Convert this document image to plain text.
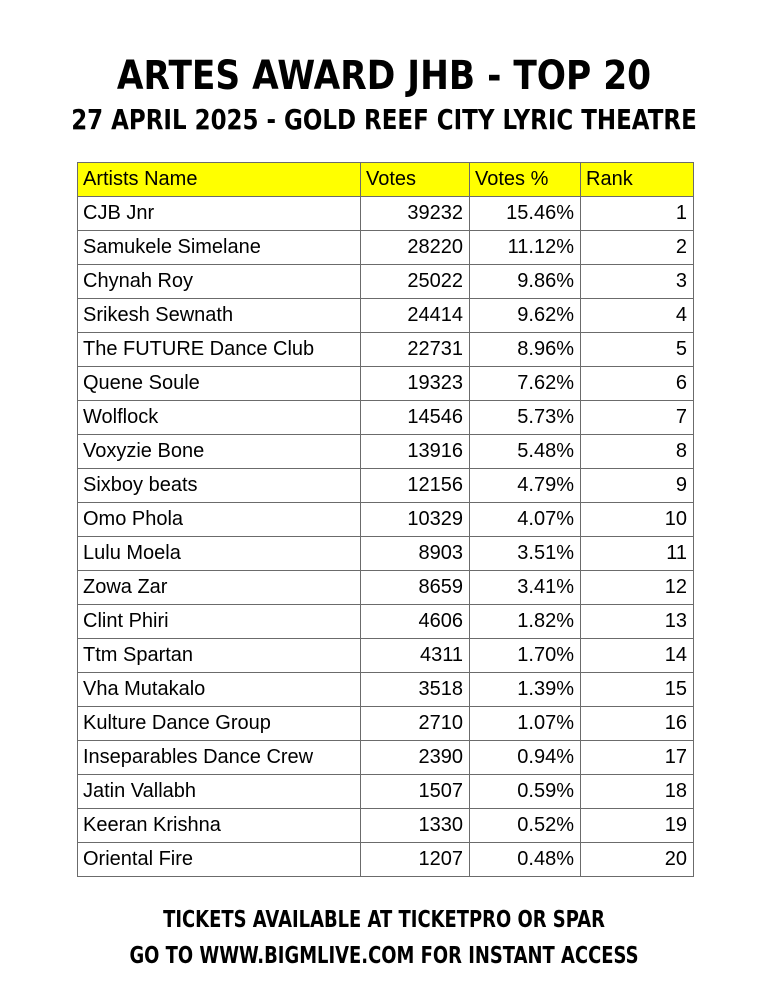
ARTES AWARD JHB - TOP 20
27 APRIL 2025 - GOLD REEF CITY LYRIC THEATRE
Artists Name	Votes	Votes %	Rank
CJB Jnr	39232	15.46%	1
Samukele Simelane	28220	11.12%	2
Chynah Roy	25022	9.86%	3
Srikesh Sewnath	24414	9.62%	4
The FUTURE Dance Club	22731	8.96%	5
Quene Soule	19323	7.62%	6
Wolflock	14546	5.73%	7
Voxyzie Bone	13916	5.48%	8
Sixboy beats	12156	4.79%	9
Omo Phola	10329	4.07%	10
Lulu Moela	8903	3.51%	11
Zowa Zar	8659	3.41%	12
Clint Phiri	4606	1.82%	13
Ttm Spartan	4311	1.70%	14
Vha Mutakalo	3518	1.39%	15
Kulture Dance Group	2710	1.07%	16
Inseparables Dance Crew	2390	0.94%	17
Jatin Vallabh	1507	0.59%	18
Keeran Krishna	1330	0.52%	19
Oriental Fire	1207	0.48%	20
TICKETS AVAILABLE AT TICKETPRO OR SPAR
GO TO WWW.BIGMLIVE.COM FOR INSTANT ACCESS
